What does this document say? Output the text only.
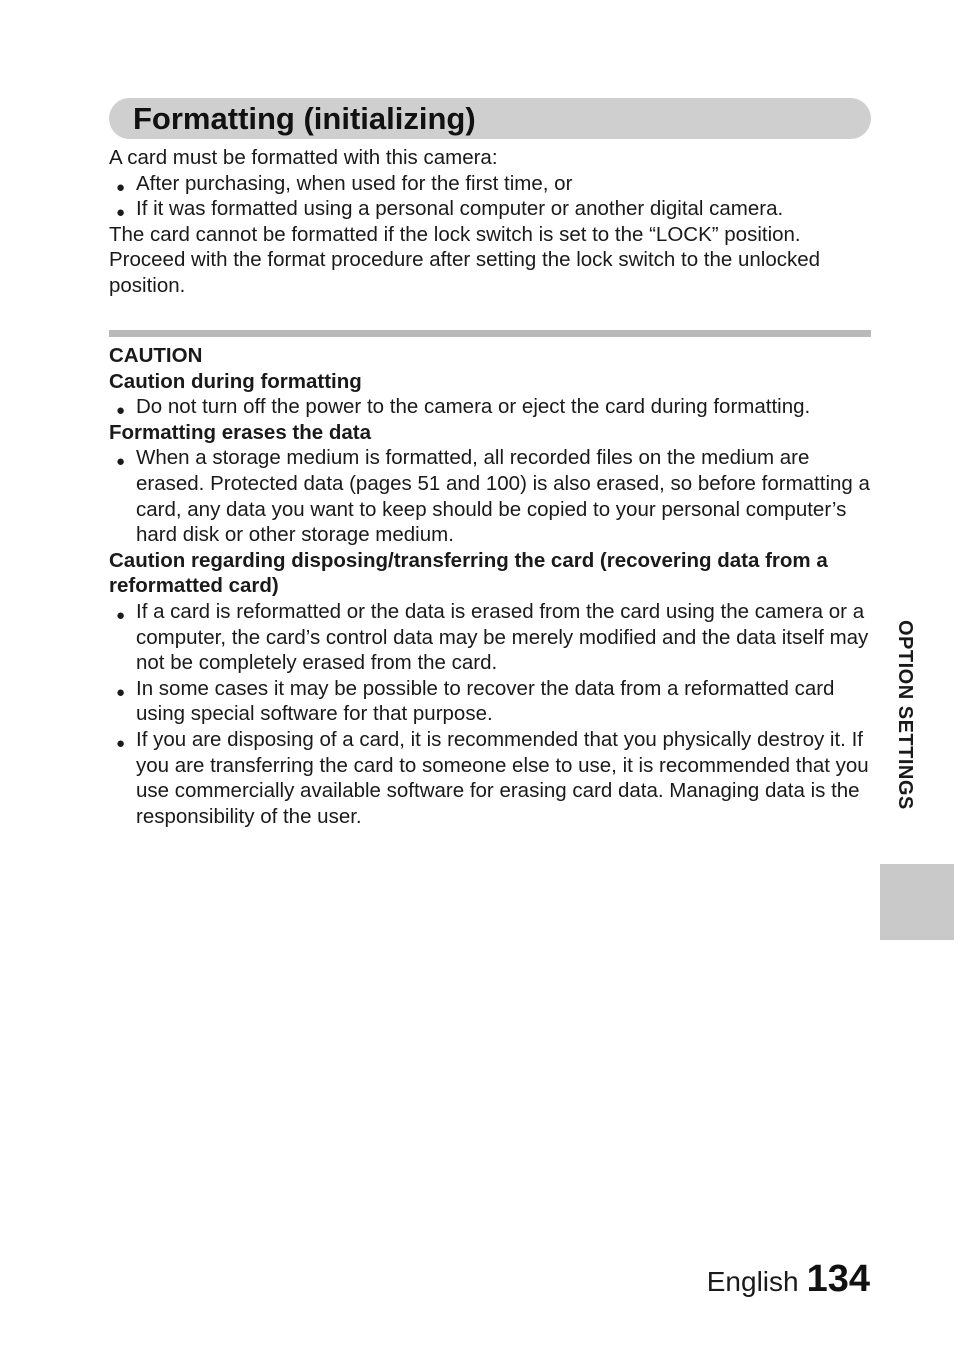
Formatting (initializing)

A card must be formatted with this camera:

● After purchasing, when used for the first time, or

● If it was formatted using a personal computer or another digital camera.

The card cannot be formatted if the lock switch is set to the “LOCK” position. Proceed with the format procedure after setting the lock switch to the unlocked position.

CAUTION

Caution during formatting

● Do not turn off the power to the camera or eject the card during formatting.

Formatting erases the data

● When a storage medium is formatted, all recorded files on the medium are erased. Protected data (pages 51 and 100) is also erased, so before formatting a card, any data you want to keep should be copied to your personal computer’s hard disk or other storage medium.

Caution regarding disposing/transferring the card (recovering data from a reformatted card)

● If a card is reformatted or the data is erased from the card using the camera or a computer, the card’s control data may be merely modified and the data itself may not be completely erased from the card.

● In some cases it may be possible to recover the data from a reformatted card using special software for that purpose.

● If you are disposing of a card, it is recommended that you physically destroy it. If you are transferring the card to someone else to use, it is recommended that you use commercially available software for erasing card data. Managing data is the responsibility of the user.

OPTION SETTINGS
English 134
